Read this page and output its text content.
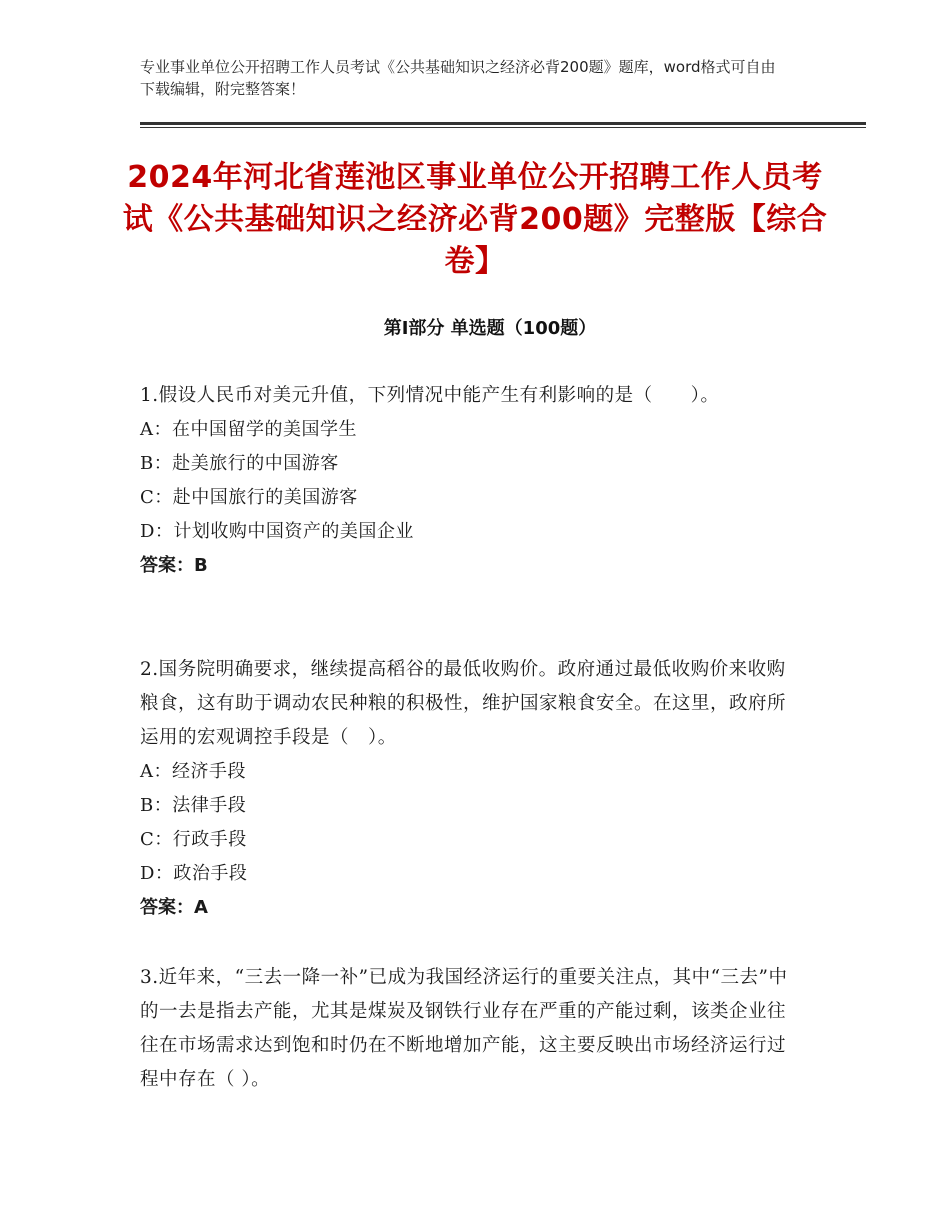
专业事业单位公开招聘工作人员考试《公共基础知识之经济必背200题》题库，word格式可自由下载编辑，附完整答案！
2024年河北省莲池区事业单位公开招聘工作人员考试《公共基础知识之经济必背200题》完整版【综合卷】
第I部分 单选题（100题）
1.假设人民币对美元升值，下列情况中能产生有利影响的是（　　）。
A：在中国留学的美国学生
B：赴美旅行的中国游客
C：赴中国旅行的美国游客
D：计划收购中国资产的美国企业
答案：B
2.国务院明确要求，继续提高稻谷的最低收购价。政府通过最低收购价来收购粮食，这有助于调动农民种粮的积极性，维护国家粮食安全。在这里，政府所运用的宏观调控手段是（　）。
A：经济手段
B：法律手段
C：行政手段
D：政治手段
答案：A
3.近年来，“三去一降一补”已成为我国经济运行的重要关注点，其中“三去”中的一去是指去产能，尤其是煤炭及钢铁行业存在严重的产能过剩，该类企业往往在市场需求达到饱和时仍在不断地增加产能，这主要反映出市场经济运行过程中存在（ ）。
